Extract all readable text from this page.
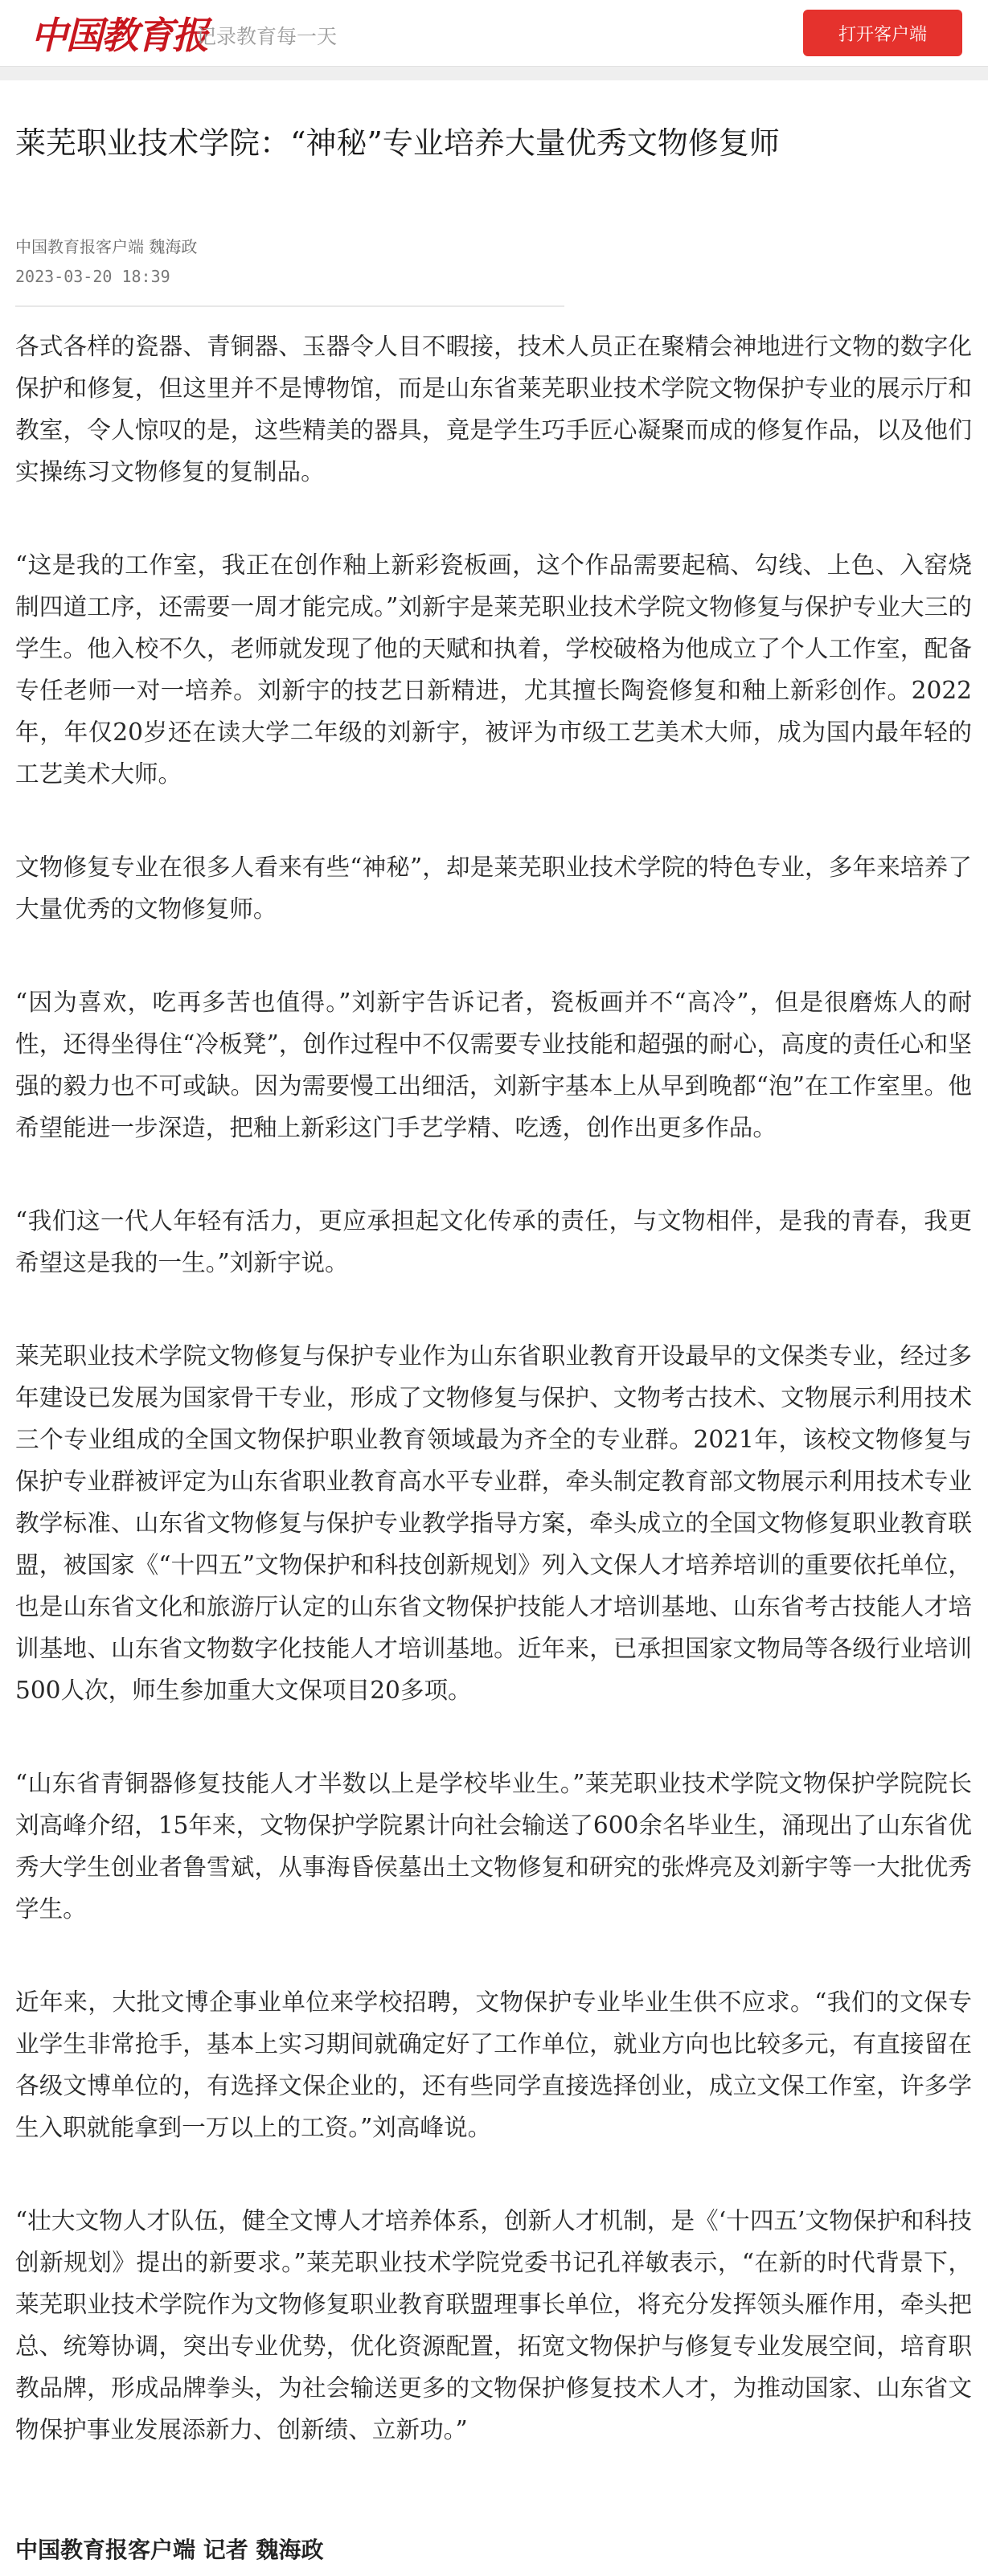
中国教育报
记录教育每一天	打开客户端
莱芜职业技术学院：“神秘”专业培养大量优秀文物修复师
中国教育报客户端 魏海政
2023-03-20 18:39

各式各样的瓷器、青铜器、玉器令人目不暇接，技术人员正在聚精会神地进行文物的数字化保护和修复，但这里并不是博物馆，而是山东省莱芜职业技术学院文物保护专业的展示厅和教室，令人惊叹的是，这些精美的器具，竟是学生巧手匠心凝聚而成的修复作品，以及他们实操练习文物修复的复制品。

“这是我的工作室，我正在创作釉上新彩瓷板画，这个作品需要起稿、勾线、上色、入窑烧制四道工序，还需要一周才能完成。”刘新宇是莱芜职业技术学院文物修复与保护专业大三的学生。他入校不久，老师就发现了他的天赋和执着，学校破格为他成立了个人工作室，配备专任老师一对一培养。刘新宇的技艺日新精进，尤其擅长陶瓷修复和釉上新彩创作。2022年，年仅20岁还在读大学二年级的刘新宇，被评为市级工艺美术大师，成为国内最年轻的工艺美术大师。

文物修复专业在很多人看来有些“神秘”，却是莱芜职业技术学院的特色专业，多年来培养了大量优秀的文物修复师。

“因为喜欢，吃再多苦也值得。”刘新宇告诉记者，瓷板画并不“高冷”，但是很磨炼人的耐性，还得坐得住“冷板凳”，创作过程中不仅需要专业技能和超强的耐心，高度的责任心和坚强的毅力也不可或缺。因为需要慢工出细活，刘新宇基本上从早到晚都“泡”在工作室里。他希望能进一步深造，把釉上新彩这门手艺学精、吃透，创作出更多作品。

“我们这一代人年轻有活力，更应承担起文化传承的责任，与文物相伴，是我的青春，我更希望这是我的一生。”刘新宇说。

莱芜职业技术学院文物修复与保护专业作为山东省职业教育开设最早的文保类专业，经过多年建设已发展为国家骨干专业，形成了文物修复与保护、文物考古技术、文物展示利用技术三个专业组成的全国文物保护职业教育领域最为齐全的专业群。2021年，该校文物修复与保护专业群被评定为山东省职业教育高水平专业群，牵头制定教育部文物展示利用技术专业教学标准、山东省文物修复与保护专业教学指导方案，牵头成立的全国文物修复职业教育联盟，被国家《“十四五”文物保护和科技创新规划》列入文保人才培养培训的重要依托单位，也是山东省文化和旅游厅认定的山东省文物保护技能人才培训基地、山东省考古技能人才培训基地、山东省文物数字化技能人才培训基地。近年来，已承担国家文物局等各级行业培训500人次，师生参加重大文保项目20多项。

“山东省青铜器修复技能人才半数以上是学校毕业生。”莱芜职业技术学院文物保护学院院长刘高峰介绍，15年来，文物保护学院累计向社会输送了600余名毕业生，涌现出了山东省优秀大学生创业者鲁雪斌，从事海昏侯墓出土文物修复和研究的张烨亮及刘新宇等一大批优秀学生。

近年来，大批文博企事业单位来学校招聘，文物保护专业毕业生供不应求。“我们的文保专业学生非常抢手，基本上实习期间就确定好了工作单位，就业方向也比较多元，有直接留在各级文博单位的，有选择文保企业的，还有些同学直接选择创业，成立文保工作室，许多学生入职就能拿到一万以上的工资。”刘高峰说。

“壮大文物人才队伍，健全文博人才培养体系，创新人才机制，是《‘十四五’文物保护和科技创新规划》提出的新要求。”莱芜职业技术学院党委书记孔祥敏表示，“在新的时代背景下，莱芜职业技术学院作为文物修复职业教育联盟理事长单位，将充分发挥领头雁作用，牵头把总、统筹协调，突出专业优势，优化资源配置，拓宽文物保护与修复专业发展空间，培育职教品牌，形成品牌拳头，为社会输送更多的文物保护修复技术人才，为推动国家、山东省文物保护事业发展添新力、创新绩、立新功。”

中国教育报客户端 记者 魏海政
